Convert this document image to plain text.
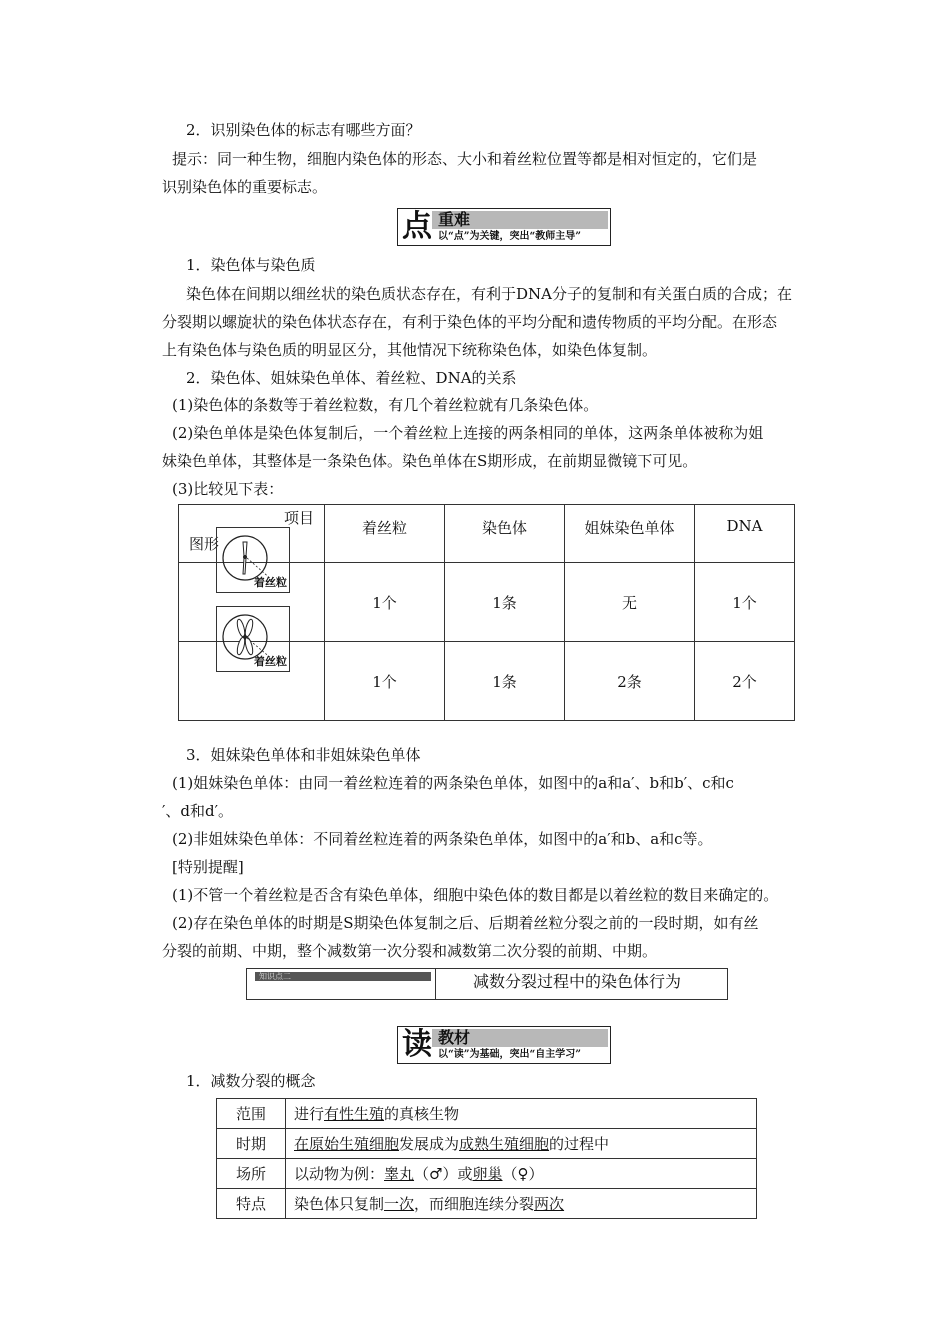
2．识别染色体的标志有哪些方面？
提示：同一种生物，细胞内染色体的形态、大小和着丝粒位置等都是相对恒定的，它们是
识别染色体的重要标志。
点 重难
以“点”为关键，突出“教师主导”
1．染色体与染色质
染色体在间期以细丝状的染色质状态存在，有利于DNA分子的复制和有关蛋白质的合成；在
分裂期以螺旋状的染色体状态存在，有利于染色体的平均分配和遗传物质的平均分配。在形态
上有染色体与染色质的明显区分，其他情况下统称染色体，如染色体复制。
2．染色体、姐妹染色单体、着丝粒、DNA的关系
(1)染色体的条数等于着丝粒数，有几个着丝粒就有几条染色体。
(2)染色单体是染色体复制后，一个着丝粒上连接的两条相同的单体，这两条单体被称为姐
妹染色单体，其整体是一条染色体。染色单体在S期形成，在前期显微镜下可见。
(3)比较见下表：
项目
图形	着丝粒	染色体	姐妹染色单体	DNA

着丝粒	1个	1条	无	1个

着丝粒	1个	1条	2条	2个
3．姐妹染色单体和非姐妹染色单体
(1)姐妹染色单体：由同一着丝粒连着的两条染色单体，如图中的a和a′、b和b′、c和c
′、d和d′。
(2)非姐妹染色单体：不同着丝粒连着的两条染色单体，如图中的a′和b、a和c等。
[特别提醒]
(1)不管一个着丝粒是否含有染色单体，细胞中染色体的数目都是以着丝粒的数目来确定的。
(2)存在染色单体的时期是S期染色体复制之后、后期着丝粒分裂之前的一段时期，如有丝
分裂的前期、中期，整个减数第一次分裂和减数第二次分裂的前期、中期。
知识点二	减数分裂过程中的染色体行为
读 教材
以“读”为基础，突出“自主学习”
1．减数分裂的概念
范围	进行有性生殖的真核生物
时期	在原始生殖细胞发展成为成熟生殖细胞的过程中
场所	以动物为例：睾丸（♂）或卵巢（♀）
特点	染色体只复制一次，而细胞连续分裂两次
